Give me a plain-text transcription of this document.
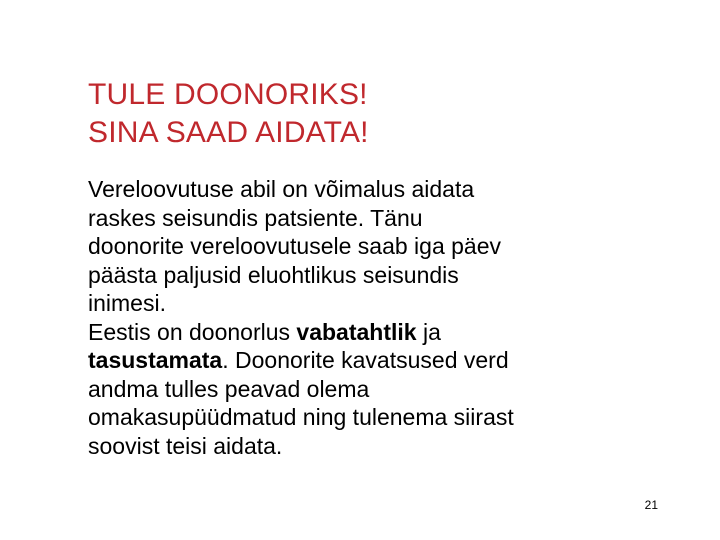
TULE DOONORIKS!
SINA SAAD AIDATA!
Vereloovutuse abil on võimalus aidata
raskes seisundis patsiente. Tänu
doonorite vereloovutusele saab iga päev
päästa paljusid eluohtlikus seisundis
inimesi.
Eestis on doonorlus vabatahtlik ja
tasustamata. Doonorite kavatsused verd
andma tulles peavad olema
omakasupüüdmatud ning tulenema siirast
soovist teisi aidata.
21
